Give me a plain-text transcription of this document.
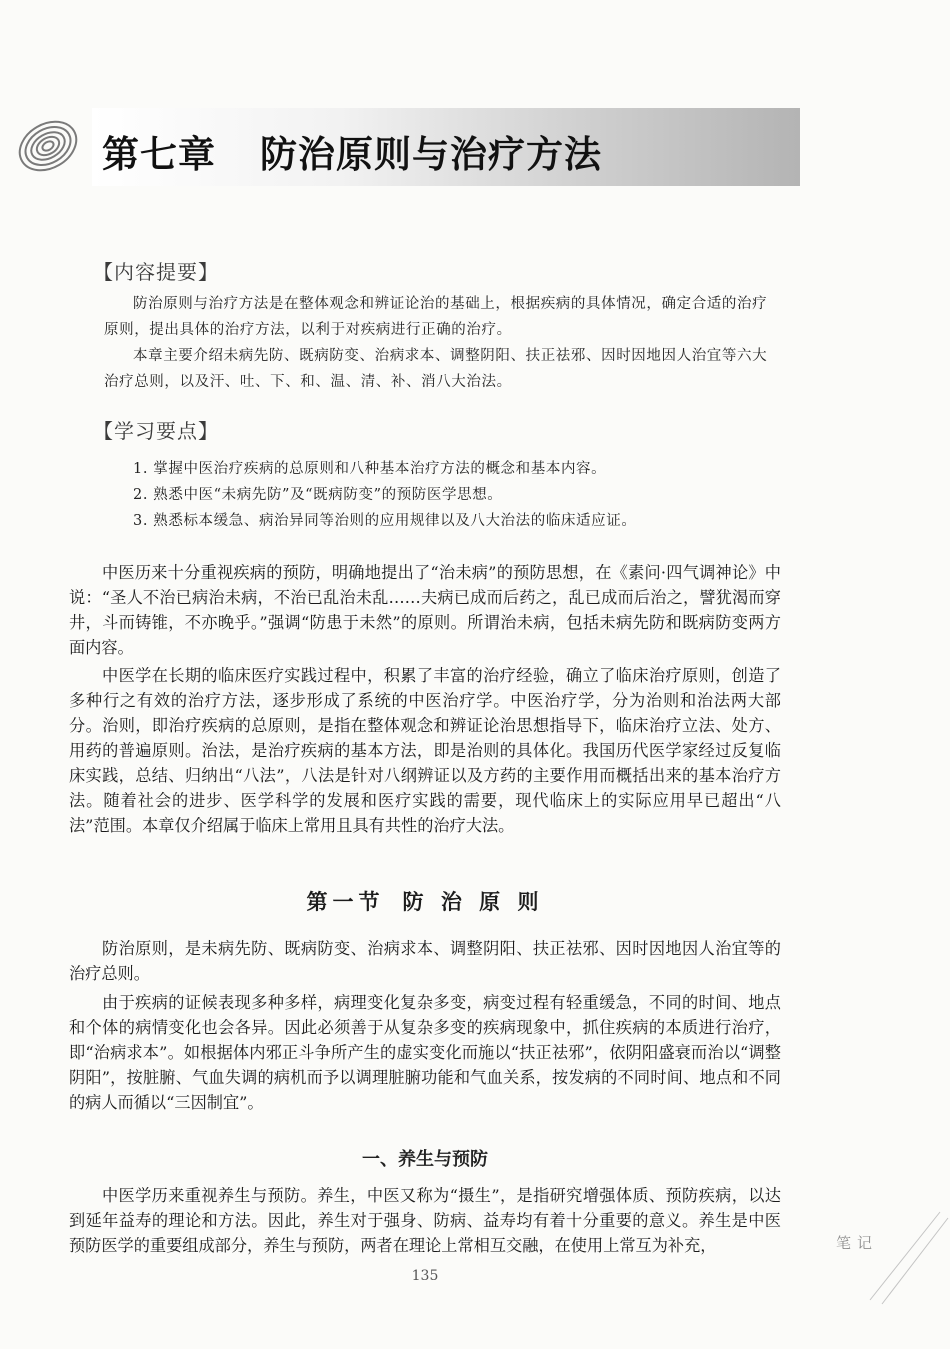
第七章 防治原则与治疗方法
【内容提要】

防治原则与治疗方法是在整体观念和辨证论治的基础上，根据疾病的具体情况，确定合适的治疗原则，提出具体的治疗方法，以利于对疾病进行正确的治疗。

本章主要介绍未病先防、既病防变、治病求本、调整阴阳、扶正祛邪、因时因地因人治宜等六大治疗总则，以及汗、吐、下、和、温、清、补、消八大治法。

【学习要点】
1. 掌握中医治疗疾病的总原则和八种基本治疗方法的概念和基本内容。
2. 熟悉中医“未病先防”及“既病防变”的预防医学思想。
3. 熟悉标本缓急、病治异同等治则的应用规律以及八大治法的临床适应证。

中医历来十分重视疾病的预防，明确地提出了“治未病”的预防思想，在《素问·四气调神论》中说：“圣人不治已病治未病，不治已乱治未乱……夫病已成而后药之，乱已成而后治之，譬犹渴而穿井，斗而铸锥，不亦晚乎。”强调“防患于未然”的原则。所谓治未病，包括未病先防和既病防变两方面内容。

中医学在长期的临床医疗实践过程中，积累了丰富的治疗经验，确立了临床治疗原则，创造了多种行之有效的治疗方法，逐步形成了系统的中医治疗学。中医治疗学，分为治则和治法两大部分。治则，即治疗疾病的总原则，是指在整体观念和辨证论治思想指导下，临床治疗立法、处方、用药的普遍原则。治法，是治疗疾病的基本方法，即是治则的具体化。我国历代医学家经过反复临床实践，总结、归纳出“八法”，八法是针对八纲辨证以及方药的主要作用而概括出来的基本治疗方法。随着社会的进步、医学科学的发展和医疗实践的需要，现代临床上的实际应用早已超出“八法”范围。本章仅介绍属于临床上常用且具有共性的治疗大法。

第一节 防 治 原 则

防治原则，是未病先防、既病防变、治病求本、调整阴阳、扶正祛邪、因时因地因人治宜等的治疗总则。

由于疾病的证候表现多种多样，病理变化复杂多变，病变过程有轻重缓急，不同的时间、地点和个体的病情变化也会各异。因此必须善于从复杂多变的疾病现象中，抓住疾病的本质进行治疗，即“治病求本”。如根据体内邪正斗争所产生的虚实变化而施以“扶正祛邪”，依阴阳盛衰而治以“调整阴阳”，按脏腑、气血失调的病机而予以调理脏腑功能和气血关系，按发病的不同时间、地点和不同的病人而循以“三因制宜”。

一、养生与预防

中医学历来重视养生与预防。养生，中医又称为“摄生”，是指研究增强体质、预防疾病，以达到延年益寿的理论和方法。因此，养生对于强身、防病、益寿均有着十分重要的意义。养生是中医预防医学的重要组成部分，养生与预防，两者在理论上常相互交融，在使用上常互为补充，

135
笔记
